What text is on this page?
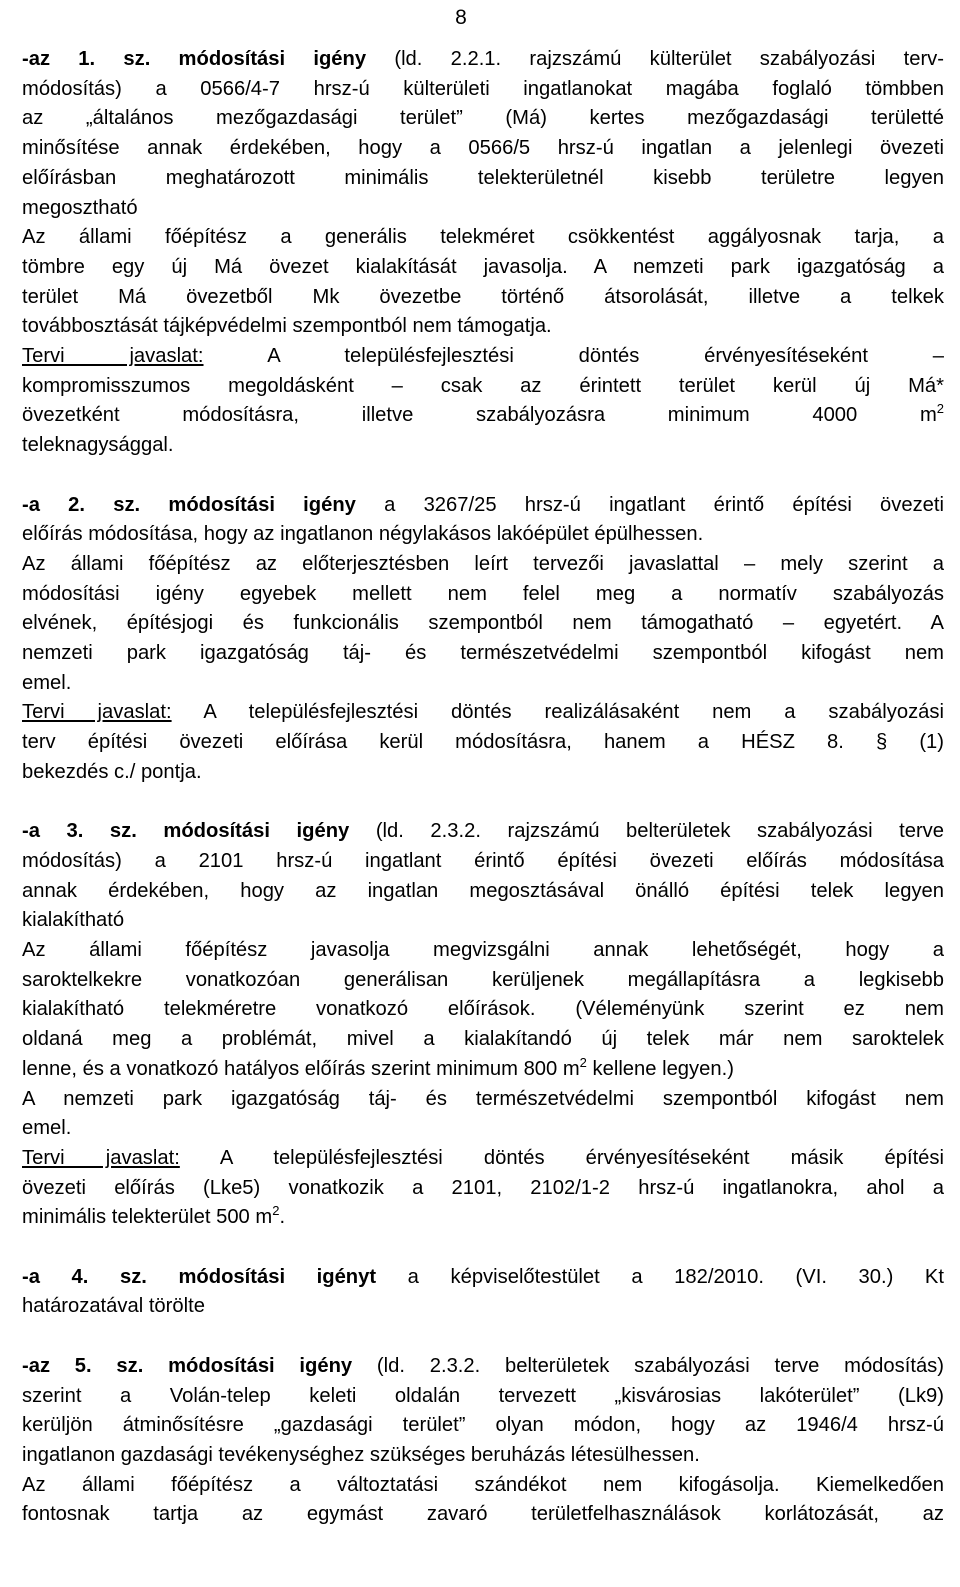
8
-az 1. sz. módosítási igény (ld. 2.2.1. rajzszámú külterület szabályozási terv-
módosítás) a 0566/4-7 hrsz-ú külterületi ingatlanokat magába foglaló tömbben
az „általános mezőgazdasági terület” (Má) kertes mezőgazdasági területté
minősítése annak érdekében, hogy a 0566/5 hrsz-ú ingatlan a jelenlegi övezeti
előírásban meghatározott minimális telekterületnél kisebb területre legyen
megosztható
Az állami főépítész a generális telekméret csökkentést aggályosnak tarja, a
tömbre egy új Má övezet kialakítását javasolja. A nemzeti park igazgatóság a
terület Má övezetből Mk övezetbe történő átsorolását, illetve a telkek
továbbosztását tájképvédelmi szempontból nem támogatja.
Tervi javaslat: A településfejlesztési döntés érvényesítéseként –
kompromisszumos megoldásként – csak az érintett terület kerül új Má*
övezetként módosításra, illetve szabályozásra minimum 4000 $m^2$
teleknagysággal.
-a 2. sz. módosítási igény a 3267/25 hrsz-ú ingatlant érintő építési övezeti
előírás módosítása, hogy az ingatlanon négylakásos lakóépület épülhessen.
Az állami főépítész az előterjesztésben leírt tervezői javaslattal – mely szerint a
módosítási igény egyebek mellett nem felel meg a normatív szabályozás
elvének, építésjogi és funkcionális szempontból nem támogatható – egyetért. A
nemzeti park igazgatóság táj- és természetvédelmi szempontból kifogást nem
emel.
Tervi javaslat: A településfejlesztési döntés realizálásaként nem a szabályozási
terv építési övezeti előírása kerül módosításra, hanem a HÉSZ 8. § (1)
bekezdés c./ pontja.
-a 3. sz. módosítási igény (ld. 2.3.2. rajzszámú belterületek szabályozási terve
módosítás) a 2101 hrsz-ú ingatlant érintő építési övezeti előírás módosítása
annak érdekében, hogy az ingatlan megosztásával önálló építési telek legyen
kialakítható
Az állami főépítész javasolja megvizsgálni annak lehetőségét, hogy a
saroktelkekre vonatkozóan generálisan kerüljenek megállapításra a legkisebb
kialakítható telekméretre vonatkozó előírások. (Véleményünk szerint ez nem
oldaná meg a problémát, mivel a kialakítandó új telek már nem saroktelek
lenne, és a vonatkozó hatályos előírás szerint minimum 800 $m^2$ kellene legyen.)
A nemzeti park igazgatóság táj- és természetvédelmi szempontból kifogást nem
emel.
Tervi javaslat: A településfejlesztési döntés érvényesítéseként másik építési
övezeti előírás (Lke5) vonatkozik a 2101, 2102/1-2 hrsz-ú ingatlanokra, ahol a
minimális telekterület 500 $m^2$.
-a 4. sz. módosítási igényt a képviselőtestület a 182/2010. (VI. 30.) Kt
határozatával törölte
-az 5. sz. módosítási igény (ld. 2.3.2. belterületek szabályozási terve módosítás)
szerint a Volán-telep keleti oldalán tervezett „kisvárosias lakóterület” (Lk9)
kerüljön átminősítésre „gazdasági terület” olyan módon, hogy az 1946/4 hrsz-ú
ingatlanon gazdasági tevékenységhez szükséges beruházás létesülhessen.
Az állami főépítész a változtatási szándékot nem kifogásolja. Kiemelkedően
fontosnak tartja az egymást zavaró területfelhasználások korlátozását, az
